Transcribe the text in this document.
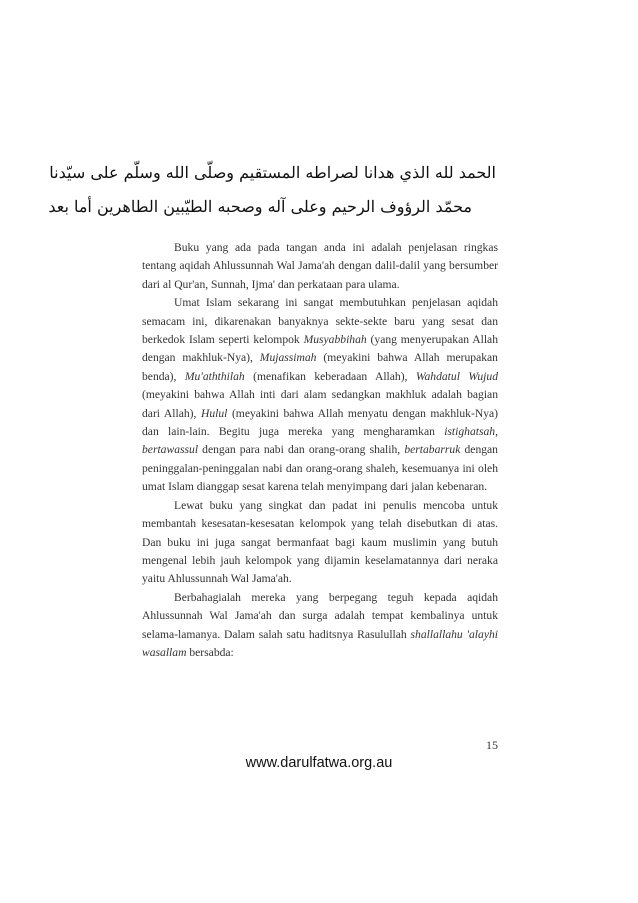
الحمد لله الذي هدانا لصراطه المستقيم وصلّى الله وسلّم على سيّدنا
محمّد الرؤوف الرحيم وعلى آله وصحبه الطيّبين الطاهرين أما بعد

Buku yang ada pada tangan anda ini adalah penjelasan ringkas tentang aqidah Ahlussunnah Wal Jama'ah dengan dalil-dalil yang bersumber dari al Qur'an, Sunnah, Ijma' dan perkataan para ulama.

Umat Islam sekarang ini sangat membutuhkan penjelasan aqidah semacam ini, dikarenakan banyaknya sekte-sekte baru yang sesat dan berkedok Islam seperti kelompok Musyabbihah (yang menyerupakan Allah dengan makhluk-Nya), Mujassimah (meyakini bahwa Allah merupakan benda), Mu'aththilah (menafikan keberadaan Allah), Wahdatul Wujud (meyakini bahwa Allah inti dari alam sedangkan makhluk adalah bagian dari Allah), Hulul (meyakini bahwa Allah menyatu dengan makhluk-Nya) dan lain-lain. Begitu juga mereka yang mengharamkan istighatsah, bertawassul dengan para nabi dan orang-orang shalih, bertabarruk dengan peninggalan-peninggalan nabi dan orang-orang shaleh, kesemuanya ini oleh umat Islam dianggap sesat karena telah menyimpang dari jalan kebenaran.

Lewat buku yang singkat dan padat ini penulis mencoba untuk membantah kesesatan-kesesatan kelompok yang telah disebutkan di atas. Dan buku ini juga sangat bermanfaat bagi kaum muslimin yang butuh mengenal lebih jauh kelompok yang dijamin keselamatannya dari neraka yaitu Ahlussunnah Wal Jama'ah.

Berbahagialah mereka yang berpegang teguh kepada aqidah Ahlussunnah Wal Jama'ah dan surga adalah tempat kembalinya untuk selama-lamanya. Dalam salah satu haditsnya Rasulullah shallallahu 'alayhi wasallam bersabda:

15
www.darulfatwa.org.au
